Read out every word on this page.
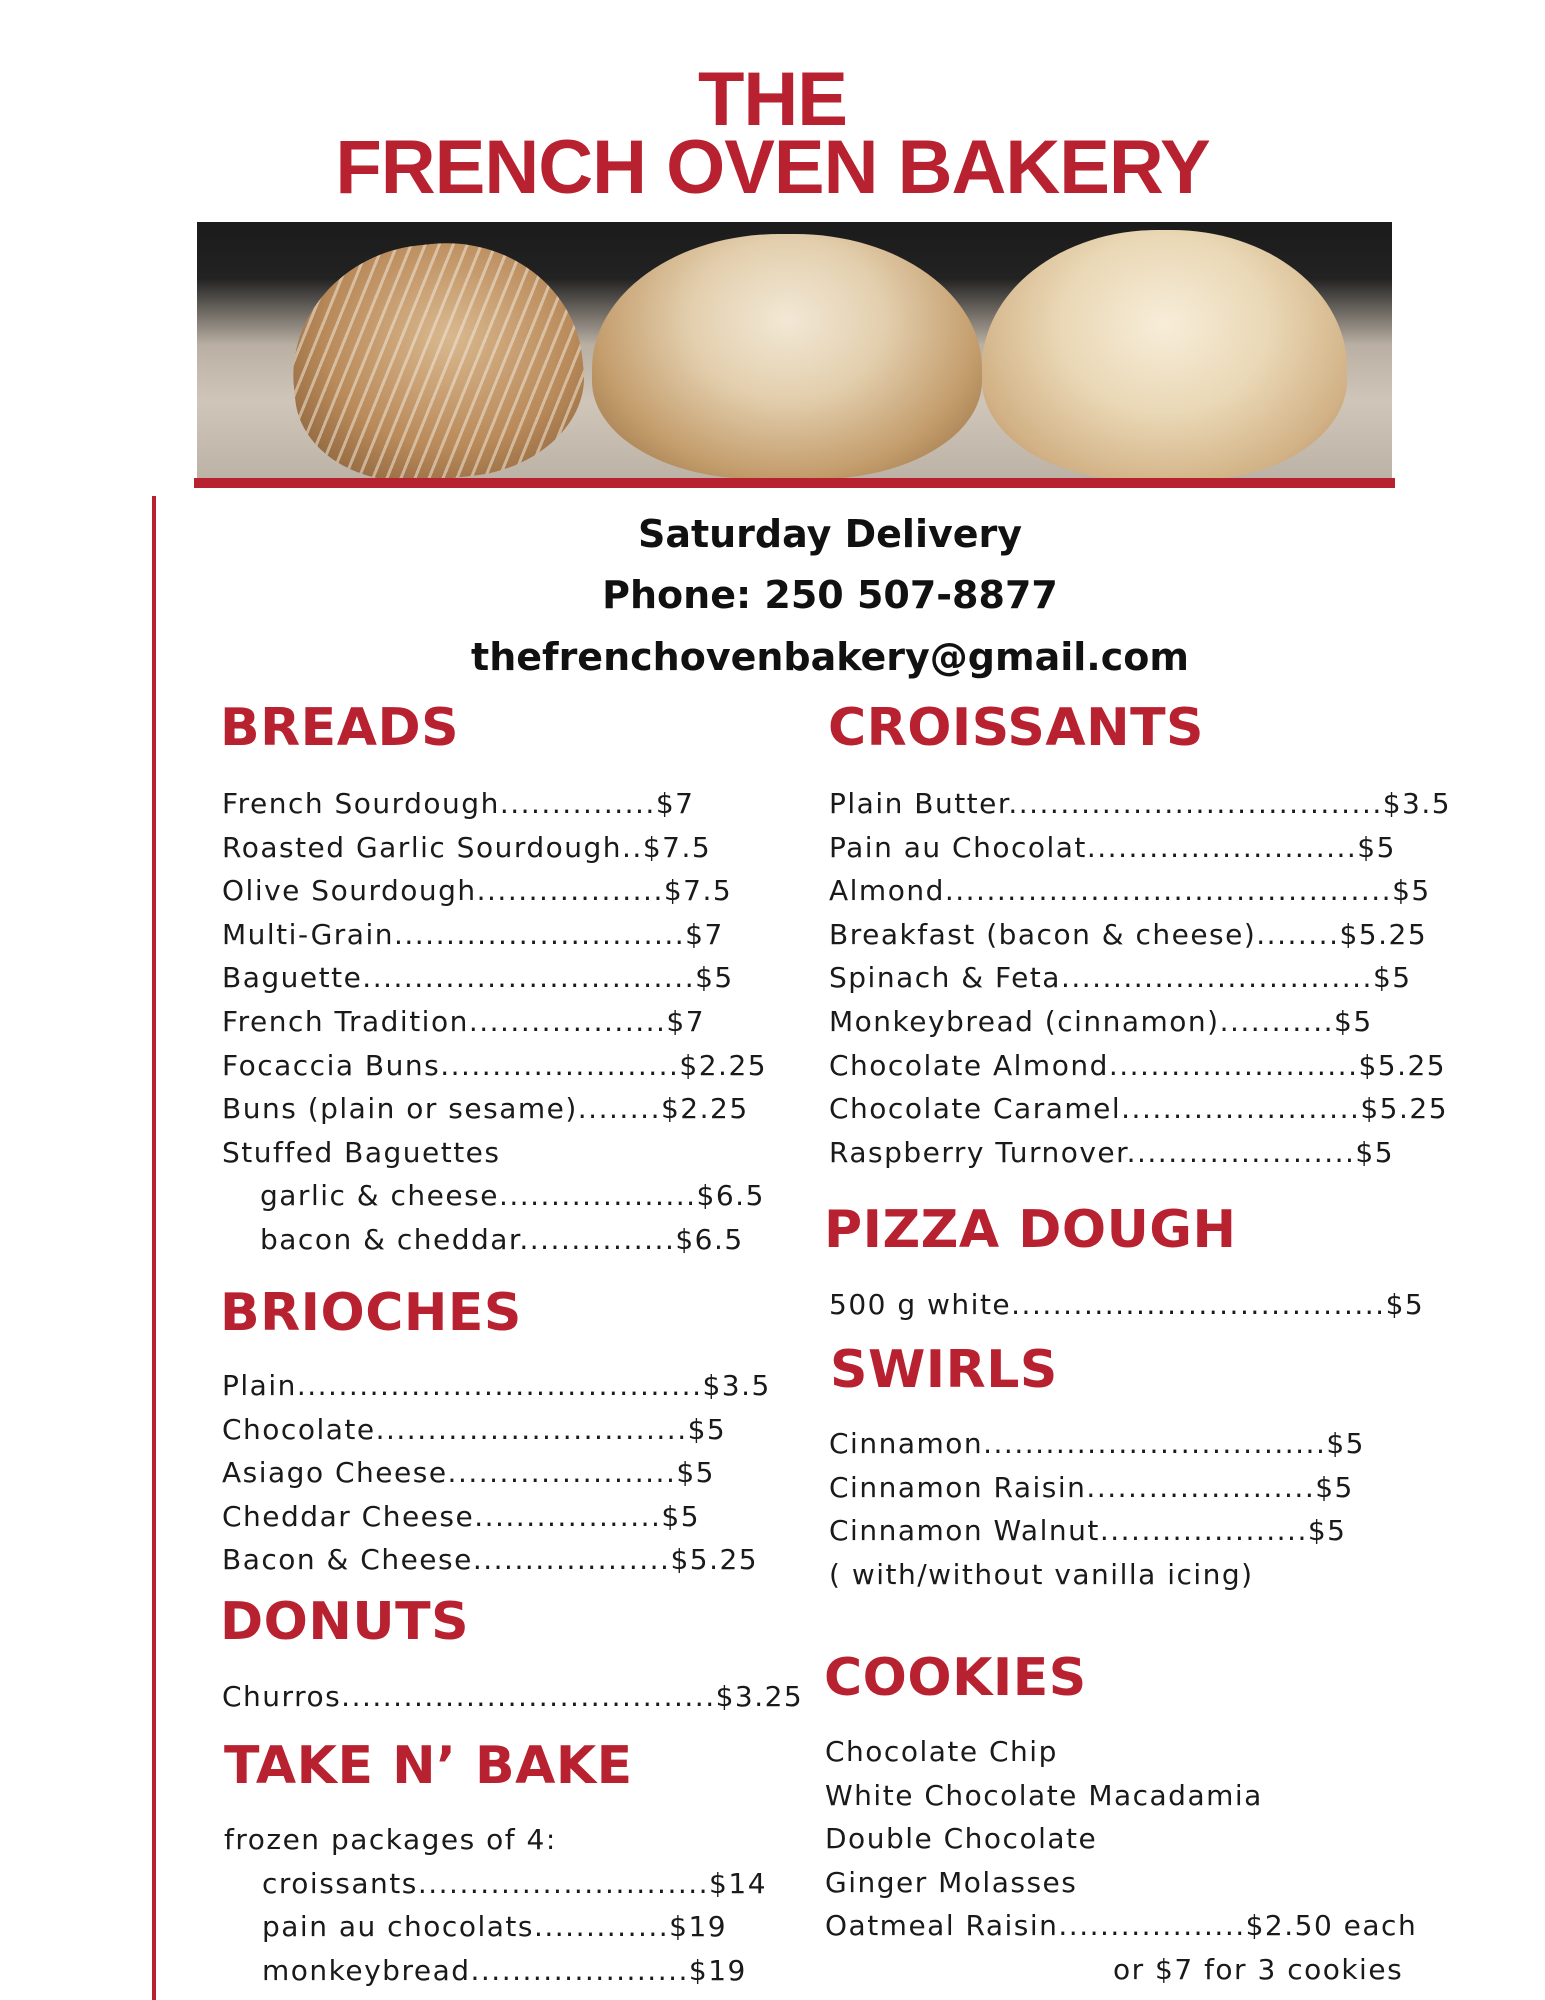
THE
FRENCH OVEN BAKERY
Saturday Delivery
Phone: 250 507-8877
thefrenchovenbakery@gmail.com
BREADS
French Sourdough...............$7
Roasted Garlic Sourdough..$7.5
Olive Sourdough..................$7.5
Multi-Grain............................$7
Baguette................................$5
French Tradition...................$7
Focaccia Buns.......................$2.25
Buns (plain or sesame)........$2.25
Stuffed Baguettes
garlic & cheese...................$6.5
bacon & cheddar...............$6.5
BRIOCHES
Plain.......................................$3.5
Chocolate..............................$5
Asiago Cheese......................$5
Cheddar Cheese..................$5
Bacon & Cheese...................$5.25
DONUTS
Churros....................................$3.25
TAKE N’ BAKE
frozen packages of 4:
croissants............................$14
pain au chocolats.............$19
monkeybread.....................$19
CROISSANTS
Plain Butter....................................$3.5
Pain au Chocolat..........................$5
Almond...........................................$5
Breakfast (bacon & cheese)........$5.25
Spinach & Feta..............................$5
Monkeybread (cinnamon)...........$5
Chocolate Almond........................$5.25
Chocolate Caramel.......................$5.25
Raspberry Turnover......................$5
PIZZA DOUGH
500 g white....................................$5
SWIRLS
Cinnamon.................................$5
Cinnamon Raisin......................$5
Cinnamon Walnut....................$5
( with/without vanilla icing)
COOKIES
Chocolate Chip
White Chocolate Macadamia
Double Chocolate
Ginger Molasses
Oatmeal Raisin..................$2.50 each
or $7 for 3 cookies
